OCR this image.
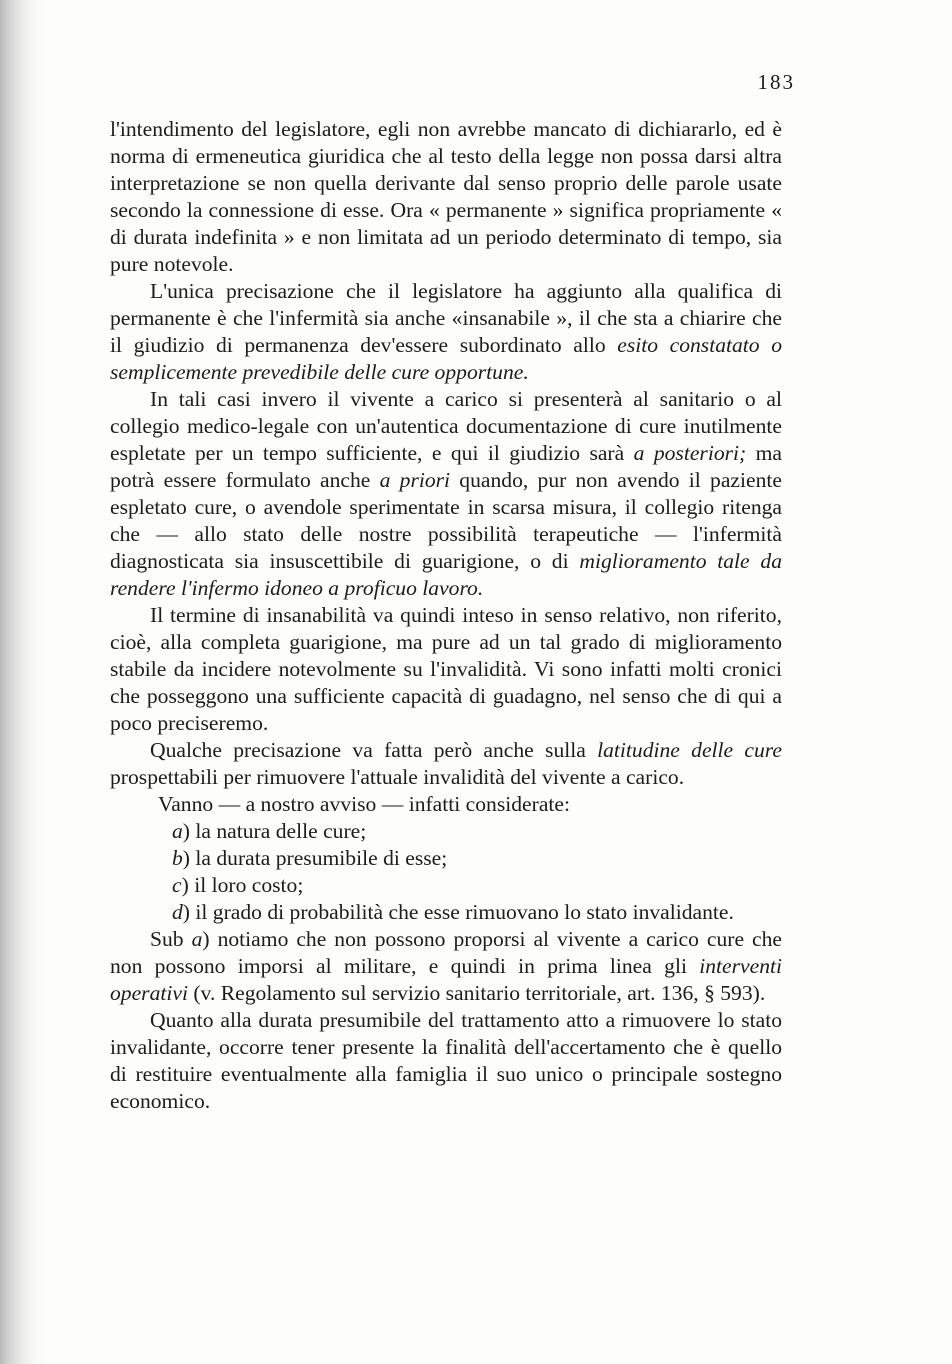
183

l'intendimento del legislatore, egli non avrebbe mancato di dichiararlo, ed è norma di ermeneutica giuridica che al testo della legge non possa darsi altra interpretazione se non quella derivante dal senso proprio delle parole usate secondo la connessione di esse. Ora « permanente » significa propriamente « di durata indefinita » e non limitata ad un periodo determinato di tempo, sia pure notevole.

L'unica precisazione che il legislatore ha aggiunto alla qualifica di permanente è che l'infermità sia anche «insanabile », il che sta a chiarire che il giudizio di permanenza dev'essere subordinato allo esito constatato o semplicemente prevedibile delle cure opportune.

In tali casi invero il vivente a carico si presenterà al sanitario o al collegio medico-legale con un'autentica documentazione di cure inutilmente espletate per un tempo sufficiente, e qui il giudizio sarà a posteriori; ma potrà essere formulato anche a priori quando, pur non avendo il paziente espletato cure, o avendole sperimentate in scarsa misura, il collegio ritenga che — allo stato delle nostre possibilità terapeutiche — l'infermità diagnosticata sia insuscettibile di guarigione, o di miglioramento tale da rendere l'infermo idoneo a proficuo lavoro.

Il termine di insanabilità va quindi inteso in senso relativo, non riferito, cioè, alla completa guarigione, ma pure ad un tal grado di miglioramento stabile da incidere notevolmente su l'invalidità. Vi sono infatti molti cronici che posseggono una sufficiente capacità di guadagno, nel senso che di qui a poco preciseremo.

Qualche precisazione va fatta però anche sulla latitudine delle cure prospettabili per rimuovere l'attuale invalidità del vivente a carico.

Vanno — a nostro avviso — infatti considerate:

a) la natura delle cure;

b) la durata presumibile di esse;

c) il loro costo;

d) il grado di probabilità che esse rimuovano lo stato invalidante.

Sub a) notiamo che non possono proporsi al vivente a carico cure che non possono imporsi al militare, e quindi in prima linea gli interventi operativi (v. Regolamento sul servizio sanitario territoriale, art. 136, § 593).

Quanto alla durata presumibile del trattamento atto a rimuovere lo stato invalidante, occorre tener presente la finalità dell'accertamento che è quello di restituire eventualmente alla famiglia il suo unico o principale sostegno economico.
